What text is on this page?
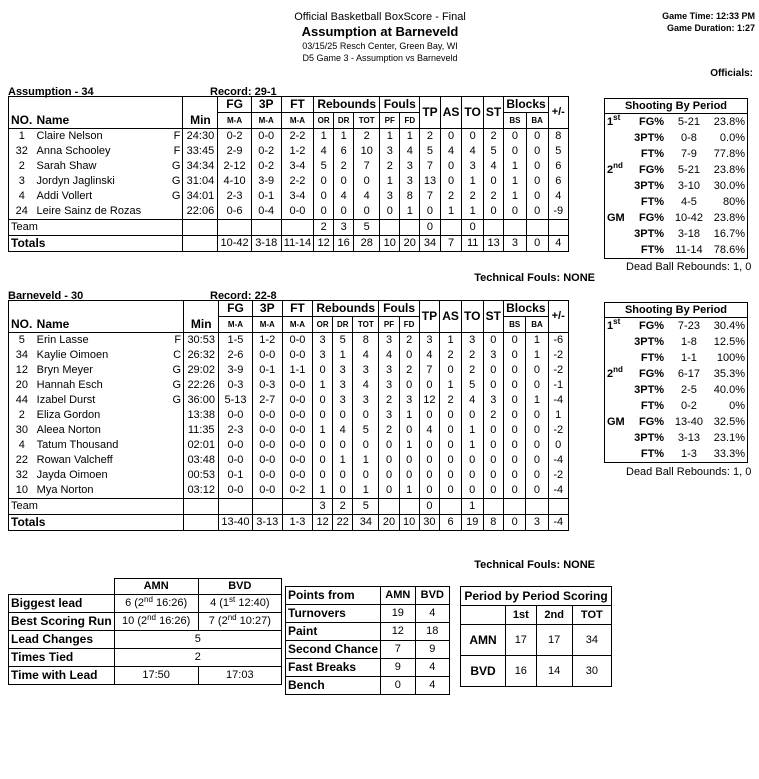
Official Basketball BoxScore - Final
Assumption at Barneveld
03/15/25 Resch Center, Green Bay, WI
D5 Game 3 - Assumption vs Barneveld
Game Time: 12:33 PM
Game Duration: 1:27
Officials:
Assumption - 34	Record: 29-1
NO.	Name	Min	FG	3P	FT	Rebounds			Fouls		TP	AS	TO	ST	Blocks		+/-
			M-A	M-A	M-A	OR	DR	TOT	PF	FD					BS	BA	
1	Claire Nelson F	24:30	0-2	0-0	2-2	1	1	2	1	1	2	0	0	2	0	0	8
32	Anna Schooley F	33:45	2-9	0-2	1-2	4	6	10	3	4	5	4	4	5	0	0	5
2	Sarah Shaw G	34:34	2-12	0-2	3-4	5	2	7	2	3	7	0	3	4	1	0	6
3	Jordyn Jaglinski G	31:04	4-10	3-9	2-2	0	0	0	1	3	13	0	1	0	1	0	6
4	Addi Vollert G	34:01	2-3	0-1	3-4	0	4	4	3	8	7	2	2	2	1	0	4
24	Leire Sainz de Rozas	22:06	0-6	0-4	0-0	0	0	0	0	1	0	1	1	0	0	0	-9
Team						2	3	5			0		0				
Totals			10-42	3-18	11-14	12	16	28	10	20	34	7	11	13	3	0	4
Technical Fouls: NONE
Shooting By Period			
1st	FG%	5-21	23.8%
	3PT%	0-8	0.0%
	FT%	7-9	77.8%
2nd	FG%	5-21	23.8%
	3PT%	3-10	30.0%
	FT%	4-5	80%
GM	FG%	10-42	23.8%
	3PT%	3-18	16.7%
	FT%	11-14	78.6%
Dead Ball Rebounds: 1, 0
Barneveld - 30	Record: 22-8
NO.	Name	Min	FG	3P	FT	Rebounds			Fouls		TP	AS	TO	ST	Blocks		+/-
			M-A	M-A	M-A	OR	DR	TOT	PF	FD					BS	BA	
5	Erin Lasse F	30:53	1-5	1-2	0-0	3	5	8	3	2	3	1	3	0	0	1	-6
34	Kaylie Oimoen C	26:32	2-6	0-0	0-0	3	1	4	4	0	4	2	2	3	0	1	-2
12	Bryn Meyer G	29:02	3-9	0-1	1-1	0	3	3	3	2	7	0	2	0	0	0	-2
20	Hannah Esch G	22:26	0-3	0-3	0-0	1	3	4	3	0	0	1	5	0	0	0	-1
44	Izabel Durst G	36:00	5-13	2-7	0-0	0	3	3	2	3	12	2	4	3	0	1	-4
2	Eliza Gordon	13:38	0-0	0-0	0-0	0	0	0	3	1	0	0	0	2	0	0	1
30	Aleea Norton	11:35	2-3	0-0	0-0	1	4	5	2	0	4	0	1	0	0	0	-2
4	Tatum Thousand	02:01	0-0	0-0	0-0	0	0	0	0	1	0	0	1	0	0	0	0
22	Rowan Valcheff	03:48	0-0	0-0	0-0	0	1	1	0	0	0	0	0	0	0	0	-4
32	Jayda Oimoen	00:53	0-1	0-0	0-0	0	0	0	0	0	0	0	0	0	0	0	-2
10	Mya Norton	03:12	0-0	0-0	0-2	1	0	1	0	1	0	0	0	0	0	0	-4
Team						3	2	5			0		1				
Totals			13-40	3-13	1-3	12	22	34	20	10	30	6	19	8	0	3	-4
Technical Fouls: NONE
Shooting By Period			
1st	FG%	7-23	30.4%
	3PT%	1-8	12.5%
	FT%	1-1	100%
2nd	FG%	6-17	35.3%
	3PT%	2-5	40.0%
	FT%	0-2	0%
GM	FG%	13-40	32.5%
	3PT%	3-13	23.1%
	FT%	1-3	33.3%
Dead Ball Rebounds: 1, 0
	AMN	BVD
Biggest lead	6 (2nd 16:26)	4 (1st 12:40)
Best Scoring Run	10 (2nd 16:26)	7 (2nd 10:27)
Lead Changes	5	
Times Tied	2	
Time with Lead	17:50	17:03
Points from	AMN	BVD
Turnovers	19	4
Paint	12	18
Second Chance	7	9
Fast Breaks	9	4
Bench	0	4
Period by Period Scoring			
	1st	2nd	TOT
AMN	17	17	34
BVD	16	14	30
